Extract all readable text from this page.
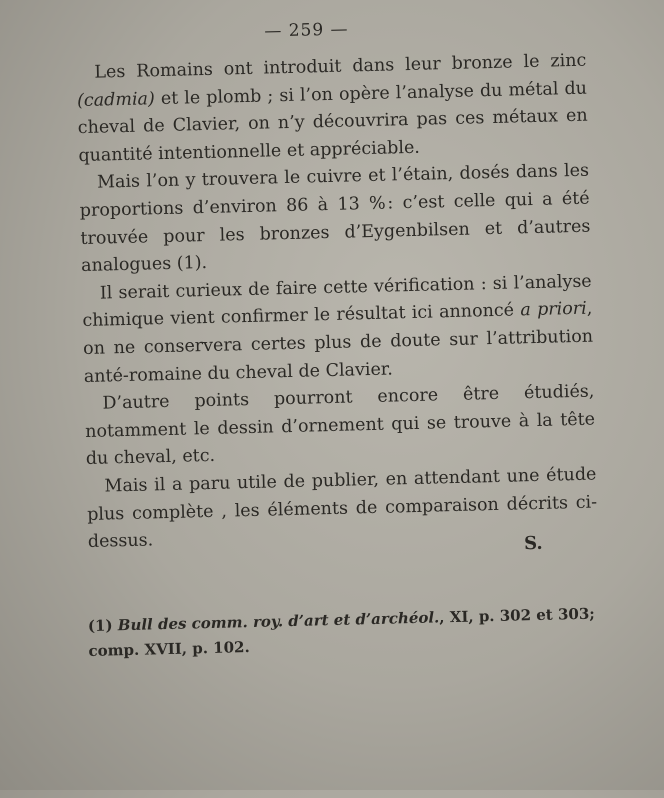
— 259 —

Les Romains ont introduit dans leur bronze le zinc (cadmia) et le plomb ; si l’on opère l’analyse du métal du cheval de Clavier, on n’y découvrira pas ces métaux en quantité intentionnelle et appréciable.

Mais l’on y trouvera le cuivre et l’étain, dosés dans les proportions d’environ 86 à 13 % : c’est celle qui a été trouvée pour les bronzes d’Eygenbilsen et d’autres analogues (1).

Il serait curieux de faire cette vérification : si l’analyse chimique vient confirmer le résultat ici annoncé a priori, on ne conservera certes plus de doute sur l’attribution anté-romaine du cheval de Clavier.

D’autre points pourront encore être étudiés, notamment le dessin d’ornement qui se trouve à la tête du cheval, etc.

Mais il a paru utile de publier, en attendant une étude plus complète , les éléments de comparaison décrits ci-dessus.	S.
(1) Bull des comm. roy. d’art et d’archéol., XI, p. 302 et 303; comp. XVII, p. 102.
